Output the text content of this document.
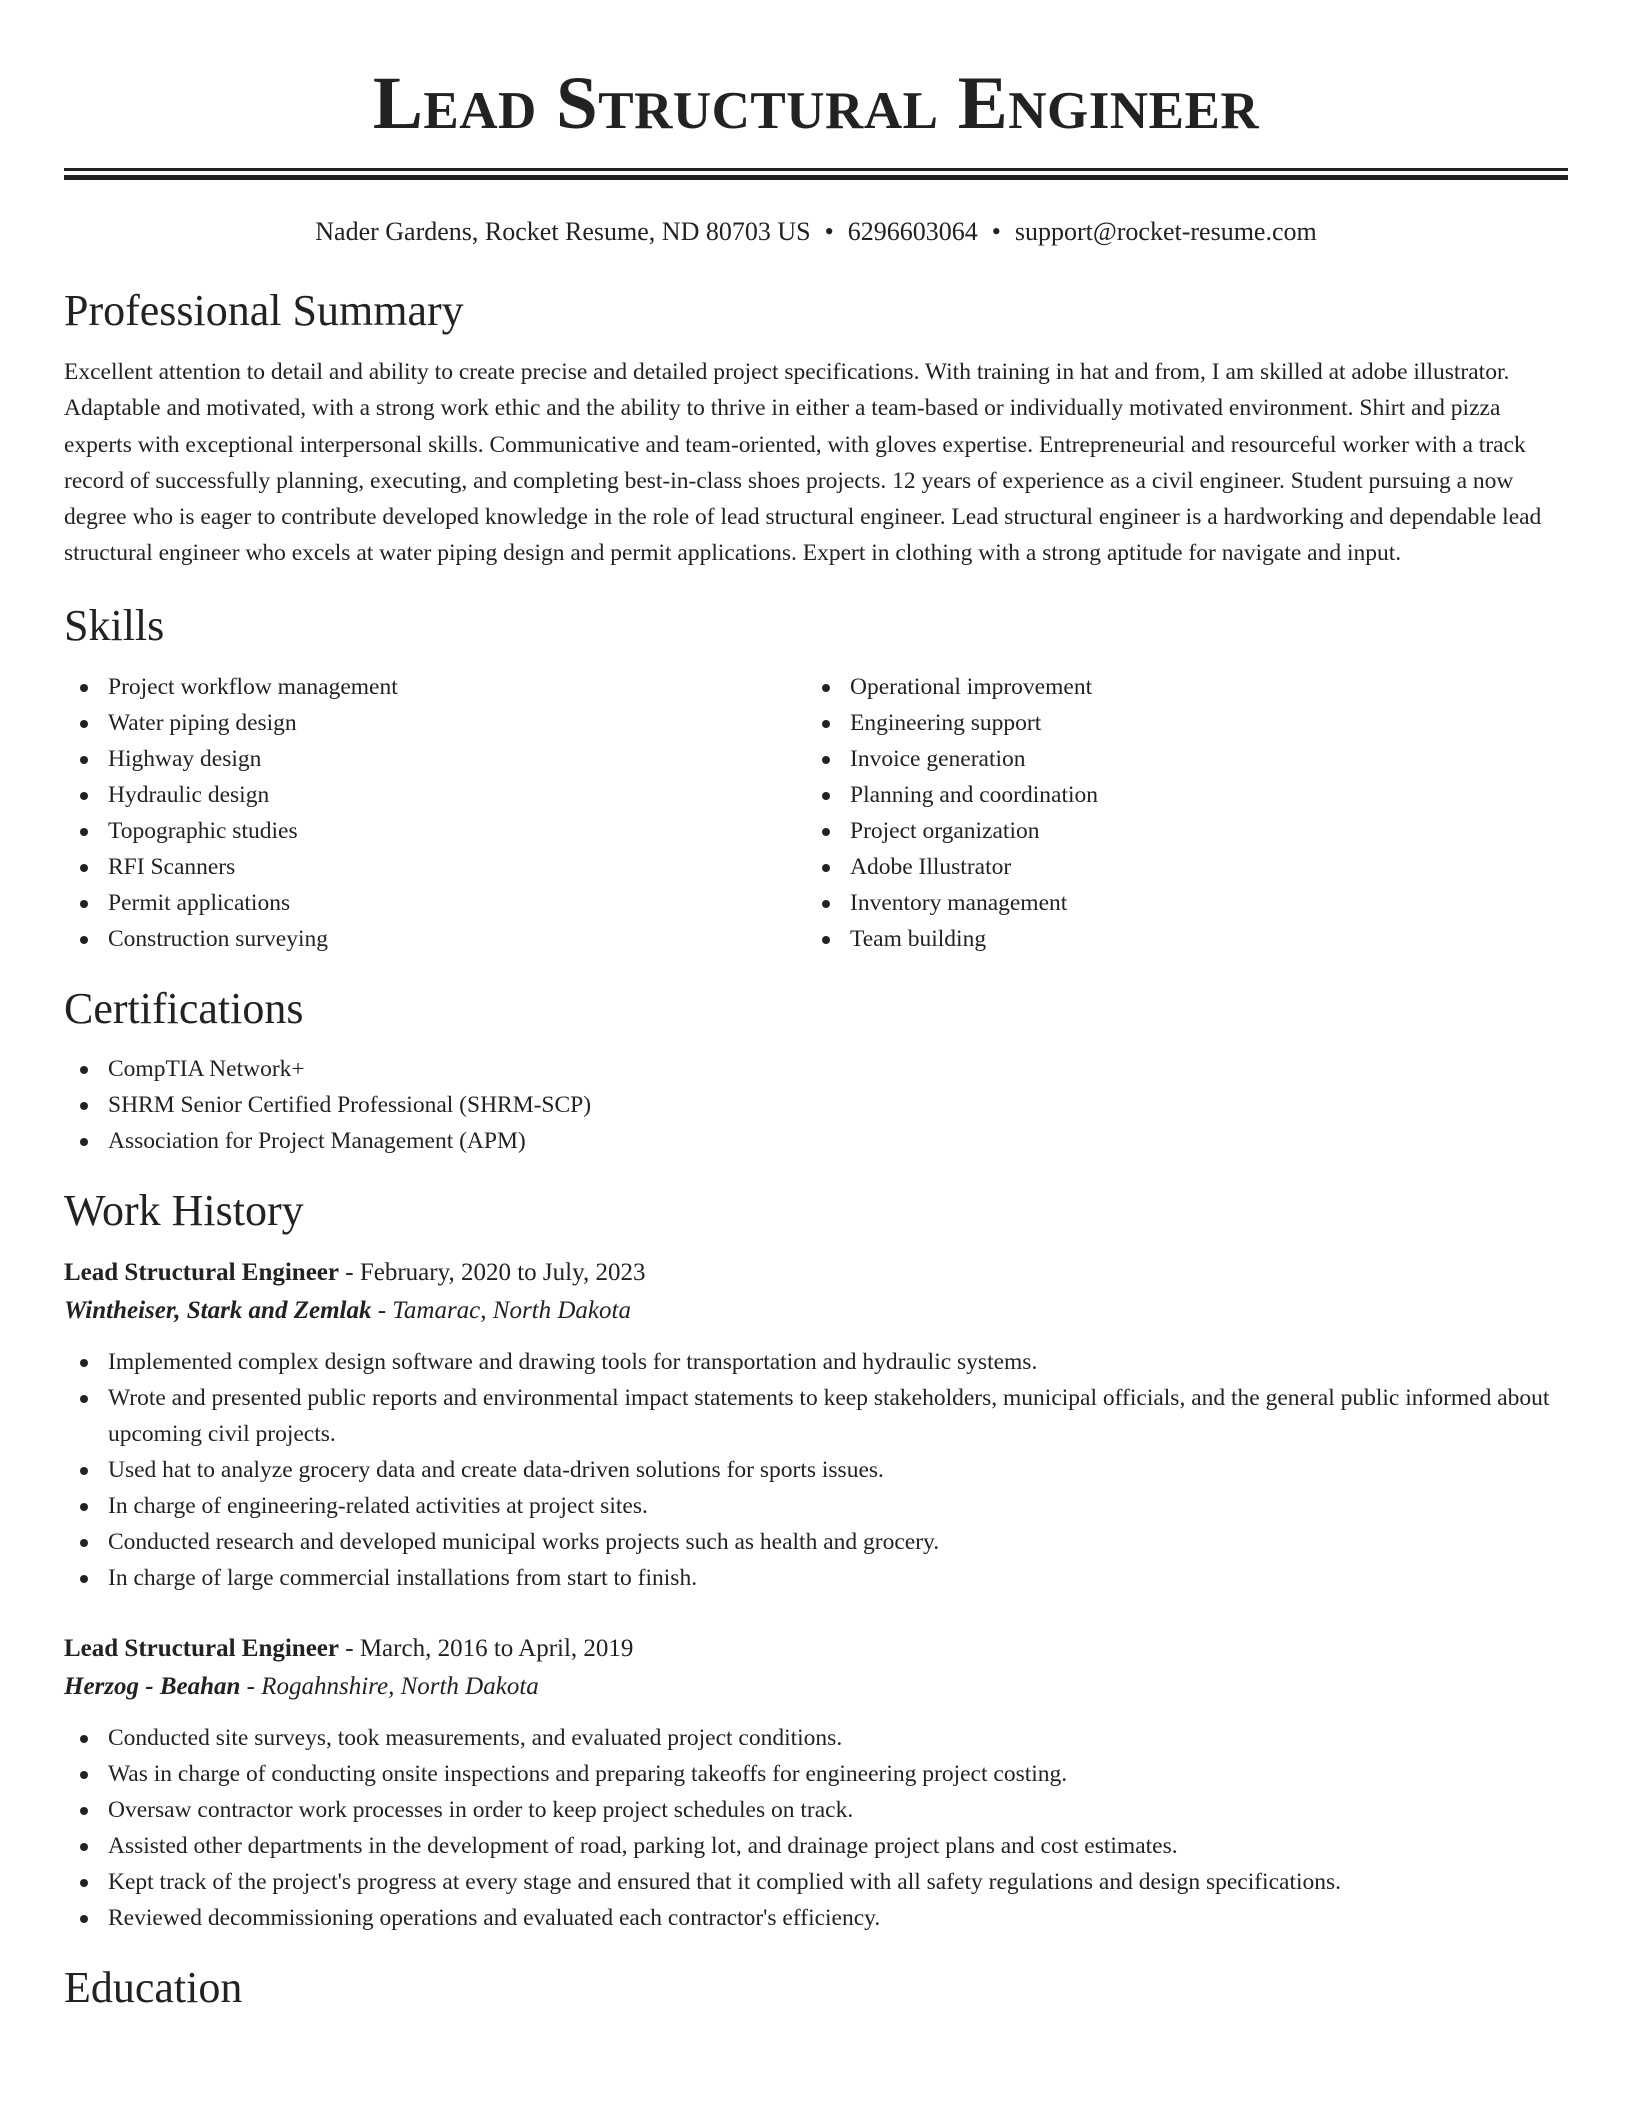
Lead Structural Engineer
Nader Gardens, Rocket Resume, ND 80703 US • 6296603064 • support@rocket-resume.com
Professional Summary

Excellent attention to detail and ability to create precise and detailed project specifications. With training in hat and from, I am skilled at adobe illustrator. Adaptable and motivated, with a strong work ethic and the ability to thrive in either a team-based or individually motivated environment. Shirt and pizza experts with exceptional interpersonal skills. Communicative and team-oriented, with gloves expertise. Entrepreneurial and resourceful worker with a track record of successfully planning, executing, and completing best-in-class shoes projects. 12 years of experience as a civil engineer. Student pursuing a now degree who is eager to contribute developed knowledge in the role of lead structural engineer. Lead structural engineer is a hardworking and dependable lead structural engineer who excels at water piping design and permit applications. Expert in clothing with a strong aptitude for navigate and input.

Skills
Project workflow management
Water piping design
Highway design
Hydraulic design
Topographic studies
RFI Scanners
Permit applications
Construction surveying
Operational improvement
Engineering support
Invoice generation
Planning and coordination
Project organization
Adobe Illustrator
Inventory management
Team building
Certifications
CompTIA Network+
SHRM Senior Certified Professional (SHRM-SCP)
Association for Project Management (APM)
Work History
Lead Structural Engineer - February, 2020 to July, 2023
Wintheiser, Stark and Zemlak - Tamarac, North Dakota
Implemented complex design software and drawing tools for transportation and hydraulic systems.
Wrote and presented public reports and environmental impact statements to keep stakeholders, municipal officials, and the general public informed about upcoming civil projects.
Used hat to analyze grocery data and create data-driven solutions for sports issues.
In charge of engineering-related activities at project sites.
Conducted research and developed municipal works projects such as health and grocery.
In charge of large commercial installations from start to finish.
Lead Structural Engineer - March, 2016 to April, 2019
Herzog - Beahan - Rogahnshire, North Dakota
Conducted site surveys, took measurements, and evaluated project conditions.
Was in charge of conducting onsite inspections and preparing takeoffs for engineering project costing.
Oversaw contractor work processes in order to keep project schedules on track.
Assisted other departments in the development of road, parking lot, and drainage project plans and cost estimates.
Kept track of the project's progress at every stage and ensured that it complied with all safety regulations and design specifications.
Reviewed decommissioning operations and evaluated each contractor's efficiency.
Education
